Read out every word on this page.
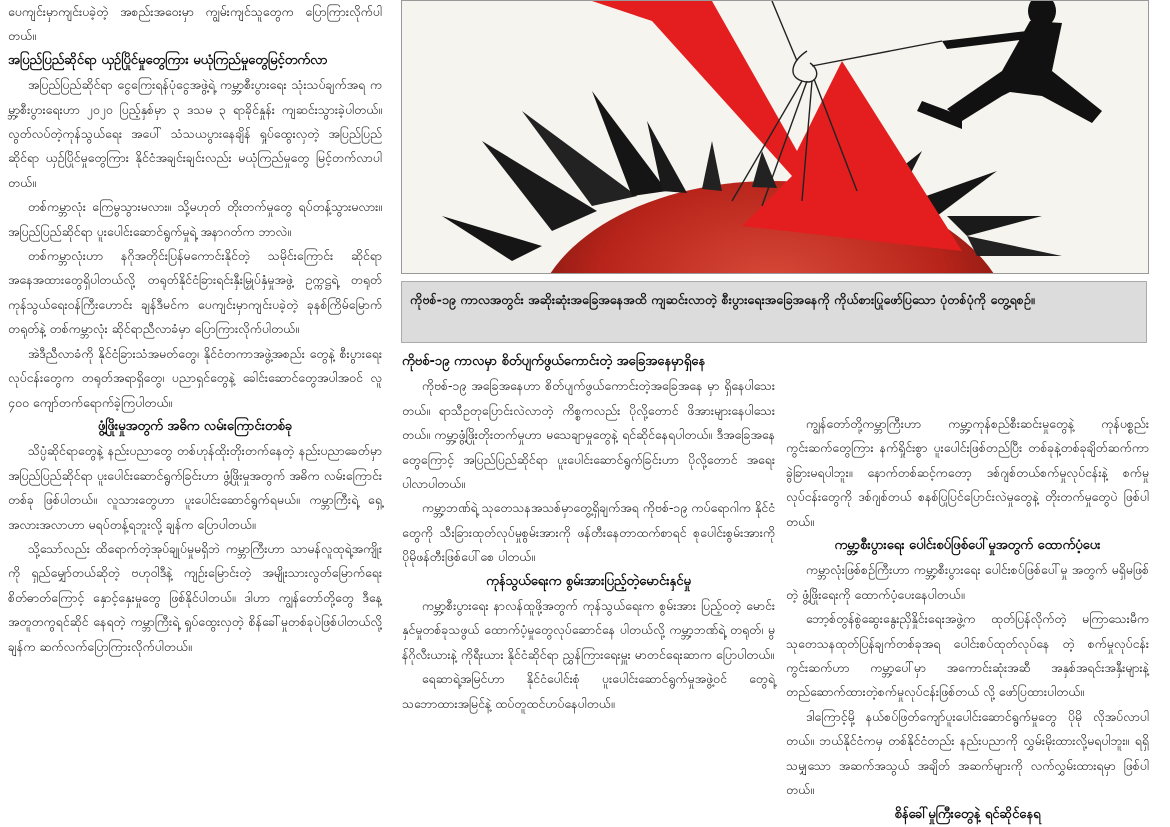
ပေကျင်းမှာကျင်းပခဲ့တဲ့ အစည်းအဝေးမှာ ကျွမ်းကျင်သူတွေက ပြောကြားလိုက်ပါတယ်။

အပြည်ပြည်ဆိုင်ရာ ယှဉ်ပြိုင်မှုတွေကြား မယုံကြည်မှုတွေမြင့်တက်လာ

အပြည်ပြည်ဆိုင်ရာ ငွေကြေးရန်ပုံငွေအဖွဲ့ရဲ့ ကမ္ဘာ့စီးပွားရေး သုံးသပ်ချက်အရ ကမ္ဘာ့စီးပွားရေးဟာ ၂၀၂၀ ပြည့်နှစ်မှာ ၃ ဒသမ ၃ ရာခိုင်နှုန်း ကျဆင်းသွားခဲ့ပါတယ်။ လွတ်လပ်တဲ့ကုန်သွယ်ရေး အပေါ် သံသယပွားနေချိန် ရှုပ်ထွေးလှတဲ့ အပြည်ပြည်ဆိုင်ရာ ယှဉ်ပြိုင်မှုတွေကြား နိုင်ငံအချင်းချင်းလည်း မယုံကြည်မှုတွေ မြင့်တက်လာပါတယ်။

တစ်ကမ္ဘာလုံး ကြေမွသွားမလား။ သို့မဟုတ် တိုးတက်မှုတွေ ရပ်တန့်သွားမလား။ အပြည်ပြည်ဆိုင်ရာ ပူးပေါင်းဆောင်ရွက်မှုရဲ့ အနာဂတ်က ဘာလဲ။

တစ်ကမ္ဘာလုံးဟာ နဂိုအတိုင်းပြန်မကောင်းနိုင်တဲ့ သမိုင်းကြောင်း ဆိုင်ရာ အနေအထားတွေရှိပါတယ်လို့ တရုတ်နိုင်ငံခြားရင်းနှီးမြှုပ်နှံမှုအဖွဲ့ ဥက္ကဋ္ဌရဲ့ တရုတ်ကုန်သွယ်ရေးဝန်ကြီးဟောင်း ချန်ဒီမင်က ပေကျင်းမှာကျင်းပခဲ့တဲ့ ခုနစ်ကြိမ်မြောက် တရုတ်နဲ့ တစ်ကမ္ဘာလုံး ဆိုင်ရာညီလာခံမှာ ပြောကြားလိုက်ပါတယ်။

အဲဒီညီလာခံကို နိုင်ငံခြားသံအမတ်တွေ၊ နိုင်ငံတကာအဖွဲ့အစည်း တွေနဲ့ စီးပွားရေးလုပ်ငန်းတွေက တရုတ်အရာရှိတွေ၊ ပညာရှင်တွေနဲ့ ခေါင်းဆောင်တွေအပါအဝင် လူ ၄၀၀ ကျော်တက်ရောက်ခဲ့ကြပါတယ်။

ဖွံ့ဖြိုးမှုအတွက် အဓိက လမ်းကြောင်းတစ်ခု

သိပ္ပံဆိုင်ရာတွေနဲ့ နည်းပညာတွေ တစ်ဟုန်ထိုးတိုးတက်နေတဲ့ နည်းပညာခေတ်မှာ အပြည်ပြည်ဆိုင်ရာ ပူးပေါင်းဆောင်ရွက်ခြင်းဟာ ဖွံ့ဖြိုးမှုအတွက် အဓိက လမ်းကြောင်းတစ်ခု ဖြစ်ပါတယ်။ လူသားတွေဟာ ပူးပေါင်းဆောင်ရွက်ရမယ်။ ကမ္ဘာကြီးရဲ့ ရှေ့အလားအလာဟာ မရပ်တန့်ရဘူးလို့ ချန်က ပြောပါတယ်။

သို့သော်လည်း ထိရောက်တဲ့အုပ်ချုပ်မှုမရှိဘဲ ကမ္ဘာကြီးဟာ သာမန်လူထုရဲ့အကျိုးကို ရှည်မျှော်တယ်ဆိုတဲ့ ဗဟုဝါဒီနဲ့ ကျဉ်းမြောင်းတဲ့ အမျိုးသားလွတ်မြောက်ရေးစိတ်ဓာတ်ကြောင့် နှောင့်နှေးမှုတွေ ဖြစ်နိုင်ပါတယ်။ ဒါဟာ ကျွန်တော်တို့တွေ ဒီနေ့အတူတကွရင်ဆိုင် နေရတဲ့ ကမ္ဘာကြီးရဲ့ ရှုပ်ထွေးလှတဲ့ စိန်ခေါ်မှုတစ်ခုပဲဖြစ်ပါတယ်လို့ ချန်က ဆက်လက်ပြောကြားလိုက်ပါတယ်။

ကိုဗစ်-၁၉ ကာလအတွင်း အဆိုးဆုံးအခြေအနေအထိ ကျဆင်းလာတဲ့ စီးပွားရေးအခြေအနေကို ကိုယ်စားပြုဖော်ပြသော ပုံတစ်ပုံကို တွေ့ရစဉ်။
ကိုဗစ်-၁၉ ကာလမှာ စိတ်ပျက်ဖွယ်ကောင်းတဲ့ အခြေအနေမှာရှိနေ

ကိုဗစ်-၁၉ အခြေအနေဟာ စိတ်ပျက်ဖွယ်ကောင်းတဲ့အခြေအနေ မှာ ရှိနေပါသေးတယ်။ ရာသီဥတုပြောင်းလဲလာတဲ့ ကိစ္စကလည်း ပိုလို့တောင် ဖိအားများနေပါသေးတယ်။ ကမ္ဘာ့ဖွံ့ဖြိုးတိုးတက်မှုဟာ မသေချာမှုတွေနဲ့ ရင်ဆိုင်နေရပါတယ်။ ဒီအခြေအနေတွေကြောင့် အပြည်ပြည်ဆိုင်ရာ ပူးပေါင်းဆောင်ရွက်ခြင်းဟာ ပိုလို့တောင် အရေးပါလာပါတယ်။

ကမ္ဘာ့ဘဏ်ရဲ့ သုတေသနအသစ်မှာတွေ့ရှိချက်အရ ကိုဗစ်-၁၉ ကပ်ရောဂါက နိုင်ငံတွေကို သီးခြားထုတ်လုပ်မှုစွမ်းအားကို ဖန်တီးနေတာထက်စာရင် စုပေါင်းစွမ်းအားကို ပိုမိုဖန်တီးဖြစ်ပေါ်စေ ပါတယ်။

ကုန်သွယ်ရေးက စွမ်းအားပြည့်တဲ့မောင်းနှင်မှု

ကမ္ဘာ့စီးပွားရေး နာလန်ထူဖို့အတွက် ကုန်သွယ်ရေးက စွမ်းအား ပြည့်ဝတဲ့ မောင်းနှင်မှုတစ်ခုသဖွယ် ထောက်ပံ့မှုတွေလုပ်ဆောင်နေ ပါတယ်လို့ ကမ္ဘာ့ဘဏ်ရဲ့ တရုတ်၊ မွန်ဂိုလီးယားနဲ့ ကိုရီးယား နိုင်ငံဆိုင်ရာ ညွှန်ကြားရေးမှူး မာတင်ရေးဆာက ပြောပါတယ်။

ရေဆာရဲ့အမြင်ဟာ နိုင်ငံပေါင်းစုံ ပူးပေါင်းဆောင်ရွက်မှုအဖွဲ့ဝင် တွေရဲ့ သဘောထားအမြင်နဲ့ ထပ်တူထင်ဟပ်နေပါတယ်။

ကျွန်တော်တို့ကမ္ဘာကြီးဟာ ကမ္ဘာ့ကုန်စည်စီးဆင်းမှုတွေနဲ့ ကုန်ပစ္စည်း ကွင်းဆက်တွေကြား နက်ရှိုင်းစွာ ပူးပေါင်းဖြစ်တည်ပြီး တစ်ခုနဲ့တစ်ခုချိတ်ဆက်ကာ ခွဲခြားမရပါဘူး။ နောက်တစ်ဆင့်ကတော့ ဒစ်ဂျစ်တယ်စက်မှုလုပ်ငန်းနဲ့ စက်မှုလုပ်ငန်းတွေကို ဒစ်ဂျစ်တယ် စနစ်ပြုပြင်ပြောင်းလဲမှုတွေနဲ့ တိုးတက်မှုတွေပဲ ဖြစ်ပါတယ်။

ကမ္ဘာ့စီးပွားရေး ပေါင်းစပ်ဖြစ်ပေါ်မှုအတွက် ထောက်ပံ့ပေး

ကမ္ဘာလုံးဖြစ်စဉ်ကြီးဟာ ကမ္ဘာ့စီးပွားရေး ပေါင်းစပ်ဖြစ်ပေါ်မှု အတွက် မရှိမဖြစ်တဲ့ ဖွံ့ဖြိုးရေးကို ထောက်ပံ့ပေးနေပါတယ်။

ဘော့စ်တွန်စွဲဆွေးနွေးညှိနှိုင်းရေးအဖွဲ့က ထုတ်ပြန်လိုက်တဲ့ မကြာသေးမီက သုတေသနထုတ်ပြန်ချက်တစ်ခုအရ ပေါင်းစပ်ထုတ်လုပ်နေ တဲ့ စက်မှုလုပ်ငန်းကွင်းဆက်ဟာ ကမ္ဘာ့ပေါ်မှာ အကောင်းဆုံးအဆီ အနှစ်အရင်းအနှီးများနဲ့ တည်ဆောက်ထားတဲ့စက်မှုလုပ်ငန်းဖြစ်တယ် လို့ ဖော်ပြထားပါတယ်။

ဒါကြောင့်မို့ နယ်စပ်ဖြတ်ကျော်ပူးပေါင်းဆောင်ရွက်မှုတွေ ပိုမို လိုအပ်လာပါတယ်။ ဘယ်နိုင်ငံကမှ တစ်နိုင်ငံတည်း နည်းပညာကို လွှမ်းမိုးထားလို့မရပါဘူး။ ရရှိသမျှသော အဆက်အသွယ် အချိတ် အဆက်များကို လက်လွှမ်းထားရမှာ ဖြစ်ပါတယ်။

စိန်ခေါ်မှုကြီးတွေနဲ့ ရင်ဆိုင်နေရ
